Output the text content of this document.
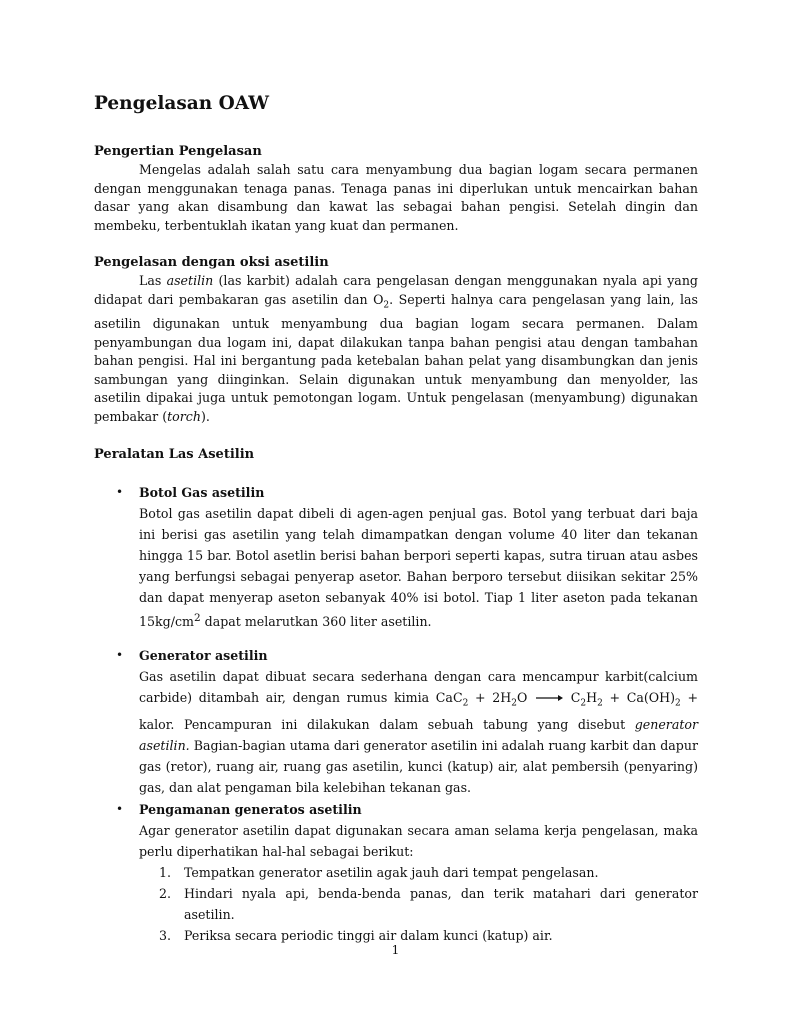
Pengelasan OAW
Pengertian Pengelasan

Mengelas adalah salah satu cara menyambung dua bagian logam secara permanen dengan menggunakan tenaga panas. Tenaga panas ini diperlukan untuk mencairkan bahan dasar yang akan disambung dan kawat las sebagai bahan pengisi. Setelah dingin dan membeku, terbentuklah ikatan yang kuat dan permanen.

Pengelasan dengan oksi asetilin

Las asetilin (las karbit) adalah cara pengelasan dengan menggunakan nyala api yang didapat dari pembakaran gas asetilin dan $O_2$. Seperti halnya cara pengelasan yang lain, las asetilin digunakan untuk menyambung dua bagian logam secara permanen. Dalam penyambungan dua logam ini, dapat dilakukan tanpa bahan pengisi atau dengan tambahan bahan pengisi. Hal ini bergantung pada ketebalan bahan pelat yang disambungkan dan jenis sambungan yang diinginkan. Selain digunakan untuk menyambung dan menyolder, las asetilin dipakai juga untuk pemotongan logam. Untuk pengelasan (menyambung) digunakan pembakar (torch).

Peralatan Las Asetilin
• Botol Gas asetilin
Botol gas asetilin dapat dibeli di agen-agen penjual gas. Botol yang terbuat dari baja ini berisi gas asetilin yang telah dimampatkan dengan volume 40 liter dan tekanan hingga 15 bar. Botol asetlin berisi bahan berpori seperti kapas, sutra tiruan atau asbes yang berfungsi sebagai penyerap asetor. Bahan berporo tersebut diisikan sekitar 25% dan dapat menyerap aseton sebanyak 40% isi botol. Tiap 1 liter aseton pada tekanan $15kg/cm^2$ dapat melarutkan 360 liter asetilin.
• Generator asetilin
Gas asetilin dapat dibuat secara sederhana dengan cara mencampur karbit(calcium carbide) ditambah air, dengan rumus kimia $CaC_2 + 2H_2O \to C_2H_2 + Ca(OH)_2$ + kalor. Pencampuran ini dilakukan dalam sebuah tabung yang disebut generator asetilin. Bagian-bagian utama dari generator asetilin ini adalah ruang karbit dan dapur gas (retor), ruang air, ruang gas asetilin, kunci (katup) air, alat pembersih (penyaring) gas, dan alat pengaman bila kelebihan tekanan gas.
• Pengamanan generatos asetilin
Agar generator asetilin dapat digunakan secara aman selama kerja pengelasan, maka perlu diperhatikan hal-hal sebagai berikut:
1. Tempatkan generator asetilin agak jauh dari tempat pengelasan.
2. Hindari nyala api, benda-benda panas, dan terik matahari dari generator asetilin.
3. Periksa secara periodic tinggi air dalam kunci (katup) air.
1
